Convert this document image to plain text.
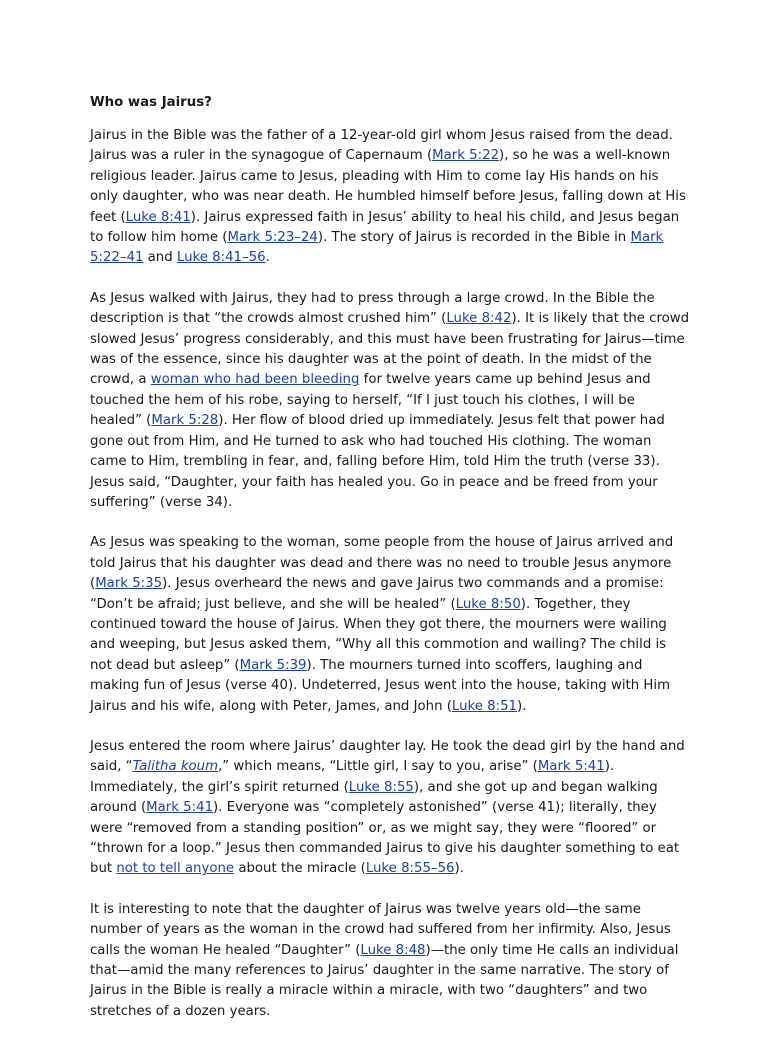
Who was Jairus?

Jairus in the Bible was the father of a 12-year-old girl whom Jesus raised from the dead. Jairus was a ruler in the synagogue of Capernaum (Mark 5:22), so he was a well-known religious leader. Jairus came to Jesus, pleading with Him to come lay His hands on his only daughter, who was near death. He humbled himself before Jesus, falling down at His feet (Luke 8:41). Jairus expressed faith in Jesus’ ability to heal his child, and Jesus began to follow him home (Mark 5:23–24). The story of Jairus is recorded in the Bible in Mark 5:22–41 and Luke 8:41–56.

As Jesus walked with Jairus, they had to press through a large crowd. In the Bible the description is that “the crowds almost crushed him” (Luke 8:42). It is likely that the crowd slowed Jesus’ progress considerably, and this must have been frustrating for Jairus—time was of the essence, since his daughter was at the point of death. In the midst of the crowd, a woman who had been bleeding for twelve years came up behind Jesus and touched the hem of his robe, saying to herself, “If I just touch his clothes, I will be healed” (Mark 5:28). Her flow of blood dried up immediately. Jesus felt that power had gone out from Him, and He turned to ask who had touched His clothing. The woman came to Him, trembling in fear, and, falling before Him, told Him the truth (verse 33). Jesus said, “Daughter, your faith has healed you. Go in peace and be freed from your suffering” (verse 34).

As Jesus was speaking to the woman, some people from the house of Jairus arrived and told Jairus that his daughter was dead and there was no need to trouble Jesus anymore (Mark 5:35). Jesus overheard the news and gave Jairus two commands and a promise: “Don’t be afraid; just believe, and she will be healed” (Luke 8:50). Together, they continued toward the house of Jairus. When they got there, the mourners were wailing and weeping, but Jesus asked them, “Why all this commotion and wailing? The child is not dead but asleep” (Mark 5:39). The mourners turned into scoffers, laughing and making fun of Jesus (verse 40). Undeterred, Jesus went into the house, taking with Him Jairus and his wife, along with Peter, James, and John (Luke 8:51).

Jesus entered the room where Jairus’ daughter lay. He took the dead girl by the hand and said, “Talitha koum,” which means, “Little girl, I say to you, arise” (Mark 5:41). Immediately, the girl’s spirit returned (Luke 8:55), and she got up and began walking around (Mark 5:41). Everyone was “completely astonished” (verse 41); literally, they were “removed from a standing position” or, as we might say, they were “floored” or “thrown for a loop.” Jesus then commanded Jairus to give his daughter something to eat but not to tell anyone about the miracle (Luke 8:55–56).

It is interesting to note that the daughter of Jairus was twelve years old—the same number of years as the woman in the crowd had suffered from her infirmity. Also, Jesus calls the woman He healed “Daughter” (Luke 8:48)—the only time He calls an individual that—amid the many references to Jairus’ daughter in the same narrative. The story of Jairus in the Bible is really a miracle within a miracle, with two “daughters” and two stretches of a dozen years.
